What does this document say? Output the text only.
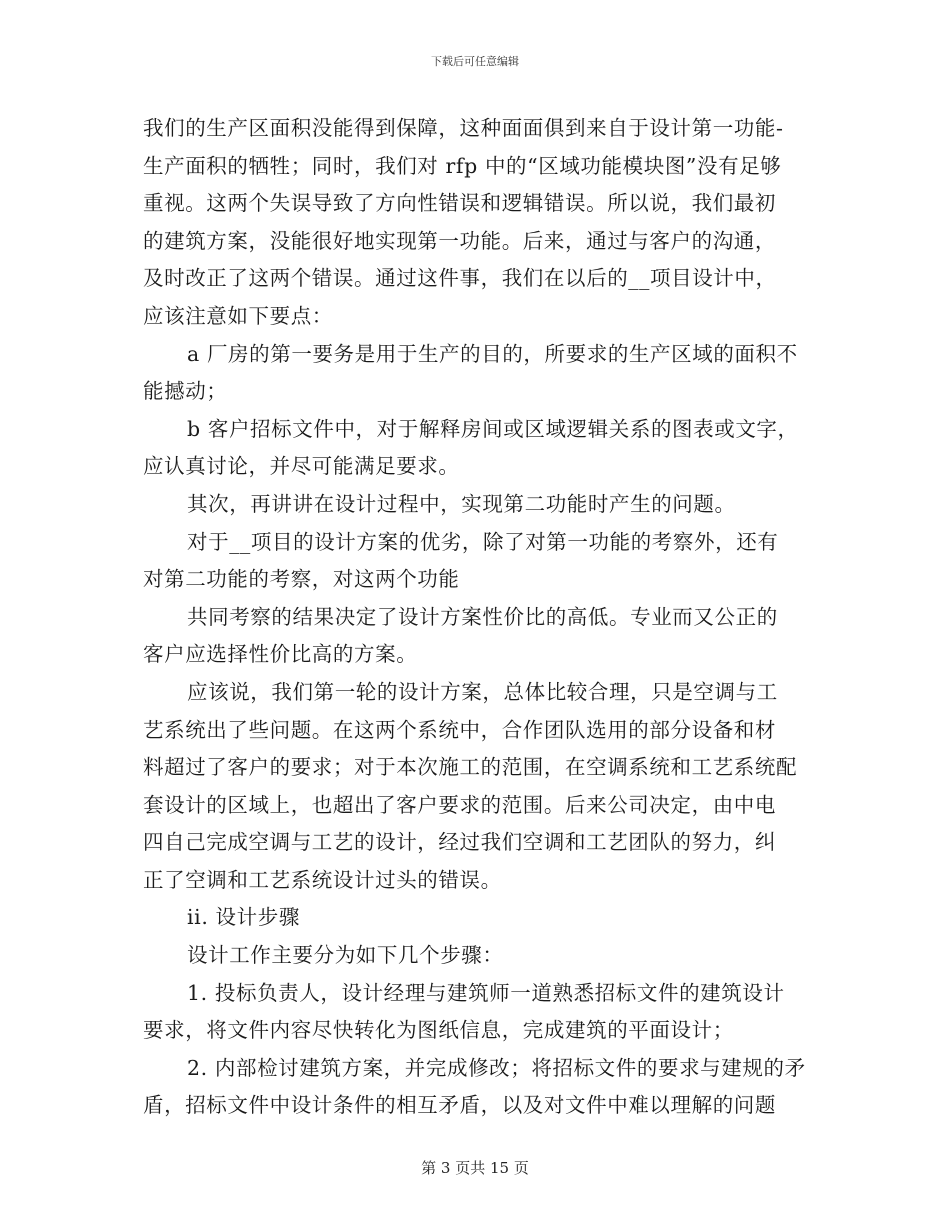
下载后可任意编辑
我们的生产区面积没能得到保障，这种面面俱到来自于设计第一功能-
生产面积的牺牲；同时，我们对 rfp 中的“区域功能模块图”没有足够
重视。这两个失误导致了方向性错误和逻辑错误。所以说，我们最初
的建筑方案，没能很好地实现第一功能。后来，通过与客户的沟通，
及时改正了这两个错误。通过这件事，我们在以后的__项目设计中，
应该注意如下要点：
a 厂房的第一要务是用于生产的目的，所要求的生产区域的面积不
能撼动；
b 客户招标文件中，对于解释房间或区域逻辑关系的图表或文字，
应认真讨论，并尽可能满足要求。
其次，再讲讲在设计过程中，实现第二功能时产生的问题。
对于__项目的设计方案的优劣，除了对第一功能的考察外，还有
对第二功能的考察，对这两个功能
共同考察的结果决定了设计方案性价比的高低。专业而又公正的
客户应选择性价比高的方案。
应该说，我们第一轮的设计方案，总体比较合理，只是空调与工
艺系统出了些问题。在这两个系统中，合作团队选用的部分设备和材
料超过了客户的要求；对于本次施工的范围，在空调系统和工艺系统配
套设计的区域上，也超出了客户要求的范围。后来公司决定，由中电
四自己完成空调与工艺的设计，经过我们空调和工艺团队的努力，纠
正了空调和工艺系统设计过头的错误。
ii. 设计步骤
设计工作主要分为如下几个步骤：
1. 投标负责人，设计经理与建筑师一道熟悉招标文件的建筑设计
要求，将文件内容尽快转化为图纸信息，完成建筑的平面设计；
2. 内部检讨建筑方案，并完成修改；将招标文件的要求与建规的矛
盾，招标文件中设计条件的相互矛盾，以及对文件中难以理解的问题
第 3 页共 15 页
